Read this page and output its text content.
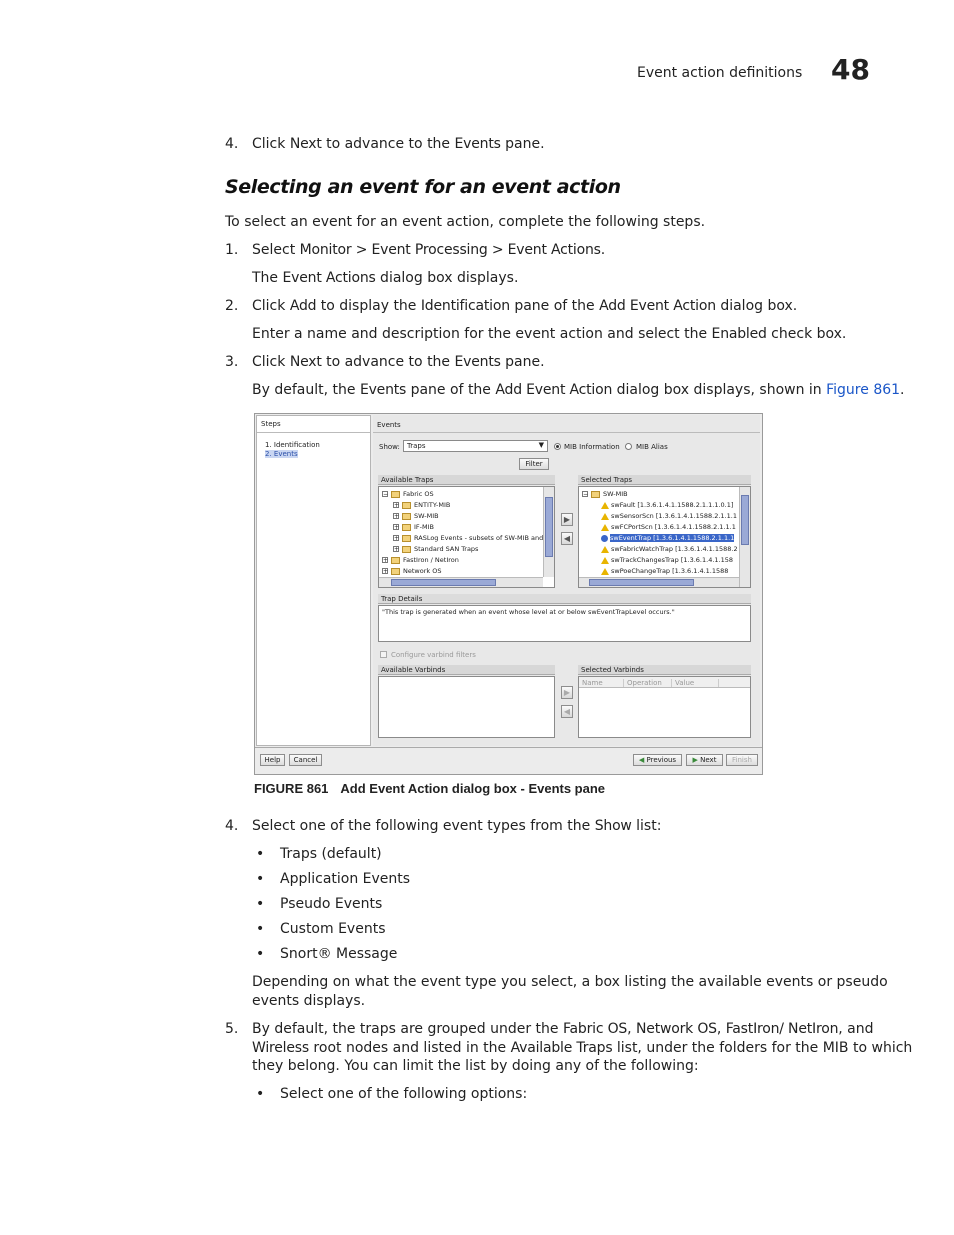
Event action definitions 48
4. Click Next to advance to the Events pane.
Selecting an event for an event action
To select an event for an event action, complete the following steps.
1. Select Monitor > Event Processing > Event Actions.
The Event Actions dialog box displays.
2. Click Add to display the Identification pane of the Add Event Action dialog box.
Enter a name and description for the event action and select the Enabled check box.
3. Click Next to advance to the Events pane.
By default, the Events pane of the Add Event Action dialog box displays, shown in Figure 861.
Steps
1. Identification
2. Events
Events
Show: Traps	▼	MIB Information MIB Alias
Filter
Available Traps
− Fabric OS
+ ENTITY-MIB
+ SW-MIB
+ IF-MIB
+ RASLog Events - subsets of SW-MIB and
+ Standard SAN Traps
+ FastIron / NetIron
+ Network OS
▶
◀
Selected Traps
− SW-MIB
swFault [1.3.6.1.4.1.1588.2.1.1.1.0.1]
swSensorScn [1.3.6.1.4.1.1588.2.1.1.1
swFCPortScn [1.3.6.1.4.1.1588.2.1.1.1
swEventTrap [1.3.6.1.4.1.1588.2.1.1.1
swFabricWatchTrap [1.3.6.1.4.1.1588.2
swTrackChangesTrap [1.3.6.1.4.1.158
swPoeChangeTrap [1.3.6.1.4.1.1588
Trap Details
"This trap is generated when an event whose level at or below swEventTrapLevel occurs."
Configure varbind filters
Available Varbinds
▶
◀
Selected Varbinds
Name	Operation	Value
Help	Cancel	◀ Previous	▶ Next	Finish
FIGURE 861 Add Event Action dialog box - Events pane
4. Select one of the following event types from the Show list:
• Traps (default)
• Application Events
• Pseudo Events
• Custom Events
• Snort® Message
Depending on what the event type you select, a box listing the available events or pseudo
events displays.
5. By default, the traps are grouped under the Fabric OS, Network OS, FastIron/ NetIron, and
Wireless root nodes and listed in the Available Traps list, under the folders for the MIB to which
they belong. You can limit the list by doing any of the following:
• Select one of the following options:
